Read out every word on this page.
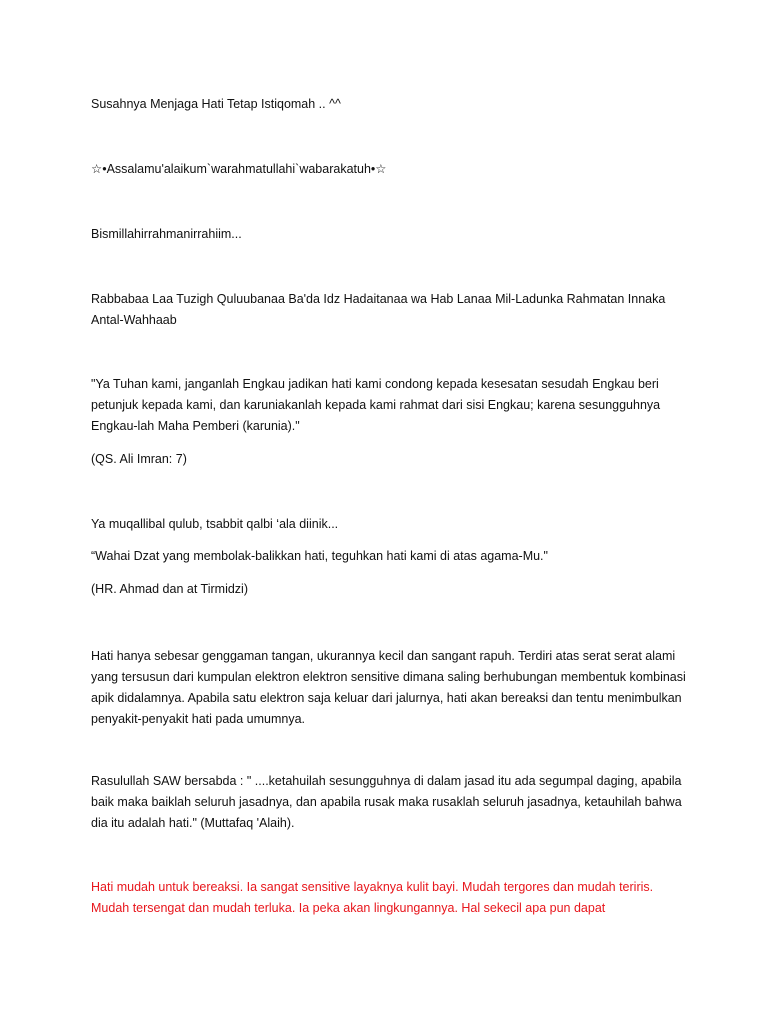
Susahnya Menjaga Hati Tetap Istiqomah .. ^^

☆•Assalamu'alaikum`warahmatullahi`wabarakatuh•☆

Bismillahirrahmanirrahiim...

Rabbabaa Laa Tuzigh Quluubanaa Ba'da Idz Hadaitanaa wa Hab Lanaa Mil-Ladunka Rahmatan Innaka Antal-Wahhaab

"Ya Tuhan kami, janganlah Engkau jadikan hati kami condong kepada kesesatan sesudah Engkau beri petunjuk kepada kami, dan karuniakanlah kepada kami rahmat dari sisi Engkau; karena sesungguhnya Engkau-lah Maha Pemberi (karunia)."

(QS. Ali Imran: 7)

Ya muqallibal qulub, tsabbit qalbi ‘ala diinik...

“Wahai Dzat yang membolak-balikkan hati, teguhkan hati kami di atas agama-Mu."

(HR. Ahmad dan at Tirmidzi)

Hati hanya sebesar genggaman tangan, ukurannya kecil dan sangant rapuh. Terdiri atas serat serat alami yang tersusun dari kumpulan elektron elektron sensitive dimana saling berhubungan membentuk kombinasi apik didalamnya. Apabila satu elektron saja keluar dari jalurnya, hati akan bereaksi dan tentu menimbulkan penyakit-penyakit hati pada umumnya.

Rasulullah SAW bersabda : " ....ketahuilah sesungguhnya di dalam jasad itu ada segumpal daging, apabila baik maka baiklah seluruh jasadnya, dan apabila rusak maka rusaklah seluruh jasadnya, ketauhilah bahwa dia itu adalah hati." (Muttafaq 'Alaih).

Hati mudah untuk bereaksi. Ia sangat sensitive layaknya kulit bayi. Mudah tergores dan mudah teriris. Mudah tersengat dan mudah terluka. Ia peka akan lingkungannya. Hal sekecil apa pun dapat
